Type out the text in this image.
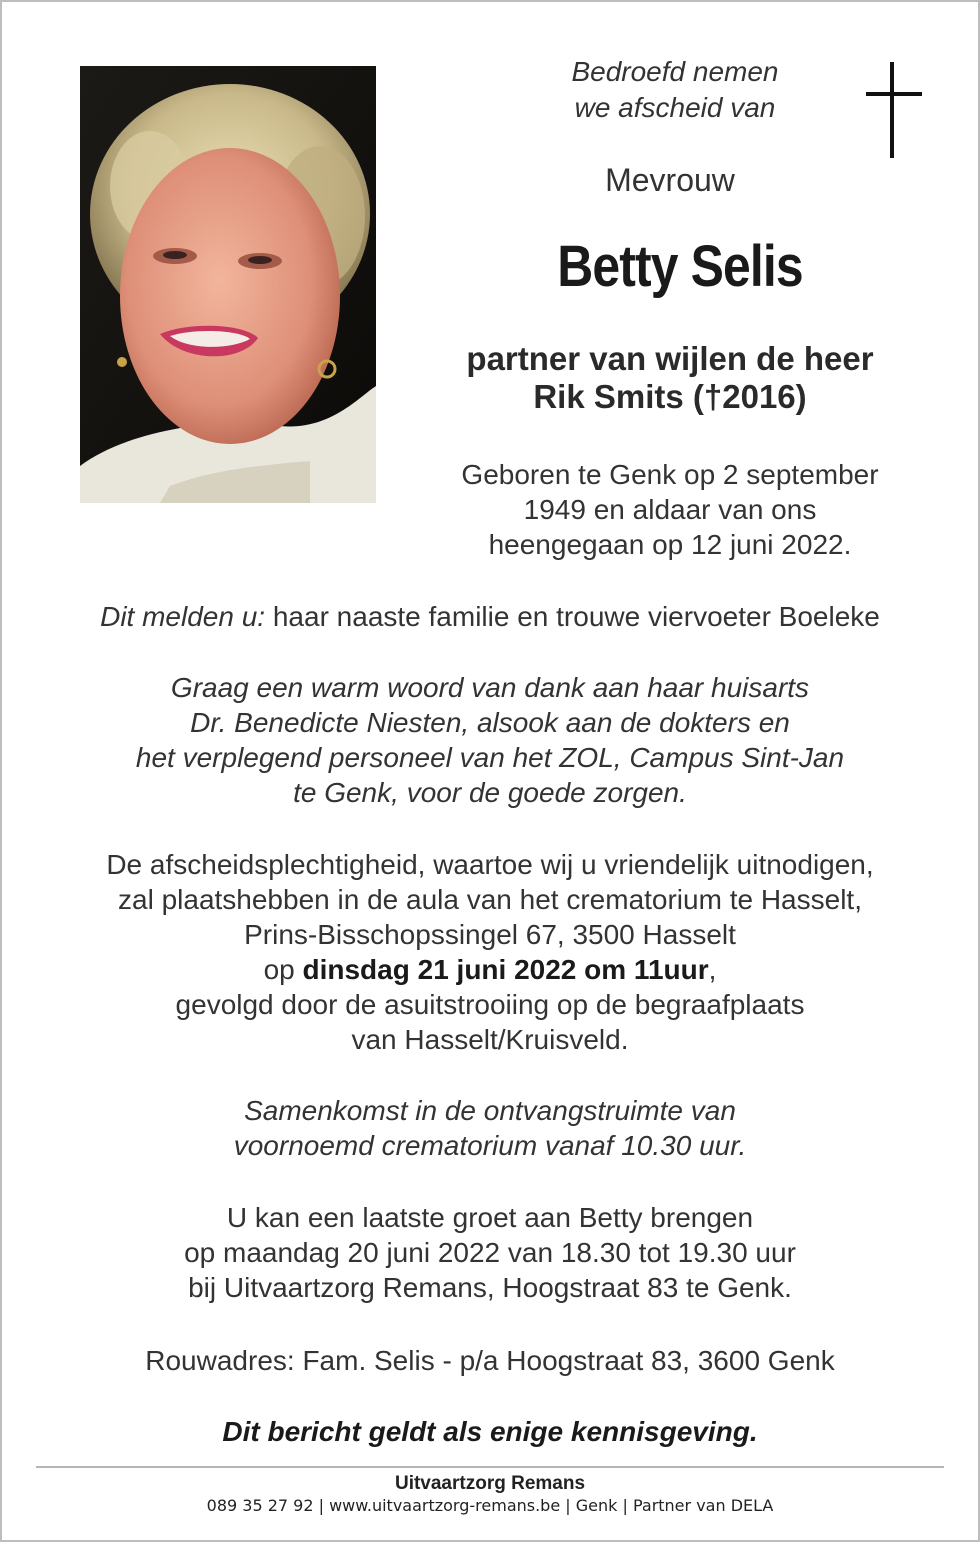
Bedroefd nemen
we afscheid van
Mevrouw
Betty Selis
partner van wijlen de heer
Rik Smits (†2016)
Geboren te Genk op 2 september
1949 en aldaar van ons
heengegaan op 12 juni 2022.
Dit melden u: haar naaste familie en trouwe viervoeter Boeleke
Graag een warm woord van dank aan haar huisarts
Dr. Benedicte Niesten, alsook aan de dokters en
het verplegend personeel van het ZOL, Campus Sint-Jan
te Genk, voor de goede zorgen.
De afscheidsplechtigheid, waartoe wij u vriendelijk uitnodigen,
zal plaatshebben in de aula van het crematorium te Hasselt,
Prins-Bisschopssingel 67, 3500 Hasselt
op dinsdag 21 juni 2022 om 11uur,
gevolgd door de asuitstrooiing op de begraafplaats
van Hasselt/Kruisveld.
Samenkomst in de ontvangstruimte van
voornoemd crematorium vanaf 10.30 uur.
U kan een laatste groet aan Betty brengen
op maandag 20 juni 2022 van 18.30 tot 19.30 uur
bij Uitvaartzorg Remans, Hoogstraat 83 te Genk.
Rouwadres: Fam. Selis - p/a Hoogstraat 83, 3600 Genk
Dit bericht geldt als enige kennisgeving.
Uitvaartzorg Remans
089 35 27 92 | www.uitvaartzorg-remans.be | Genk | Partner van DELA
